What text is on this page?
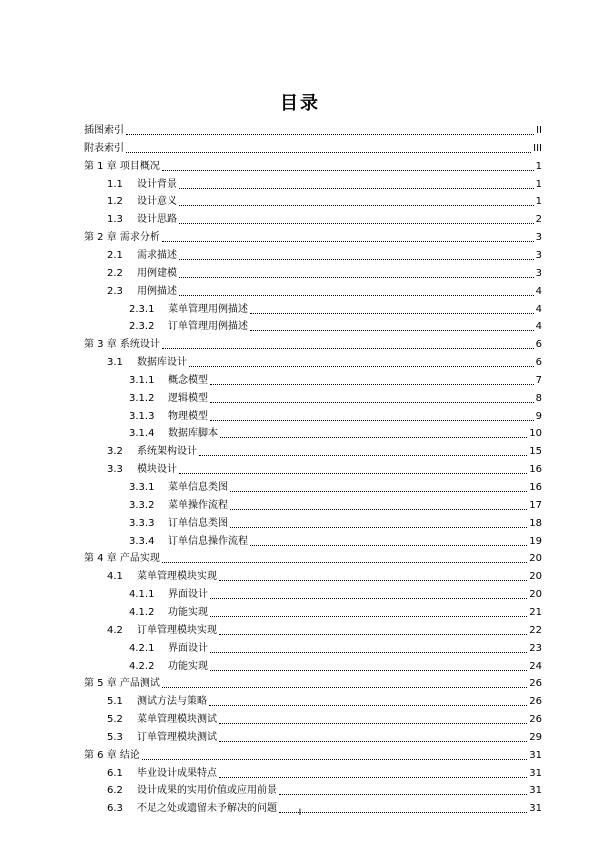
目录
插图索引	II
附表索引	III
第 1 章 项目概况	1
1.1	设计背景	1
1.2	设计意义	1
1.3	设计思路	2
第 2 章 需求分析	3
2.1	需求描述	3
2.2	用例建模	3
2.3	用例描述	4
2.3.1	菜单管理用例描述	4
2.3.2	订单管理用例描述	4
第 3 章 系统设计	6
3.1	数据库设计	6
3.1.1	概念模型	7
3.1.2	逻辑模型	8
3.1.3	物理模型	9
3.1.4	数据库脚本	10
3.2	系统架构设计	15
3.3	模块设计	16
3.3.1	菜单信息类图	16
3.3.2	菜单操作流程	17
3.3.3	订单信息类图	18
3.3.4	订单信息操作流程	19
第 4 章 产品实现	20
4.1	菜单管理模块实现	20
4.1.1	界面设计	20
4.1.2	功能实现	21
4.2	订单管理模块实现	22
4.2.1	界面设计	23
4.2.2	功能实现	24
第 5 章 产品测试	26
5.1	测试方法与策略	26
5.2	菜单管理模块测试	26
5.3	订单管理模块测试	29
第 6 章 结论	31
6.1	毕业设计成果特点	31
6.2	设计成果的实用价值或应用前景	31
6.3	不足之处或遗留未予解决的问题	31
I
